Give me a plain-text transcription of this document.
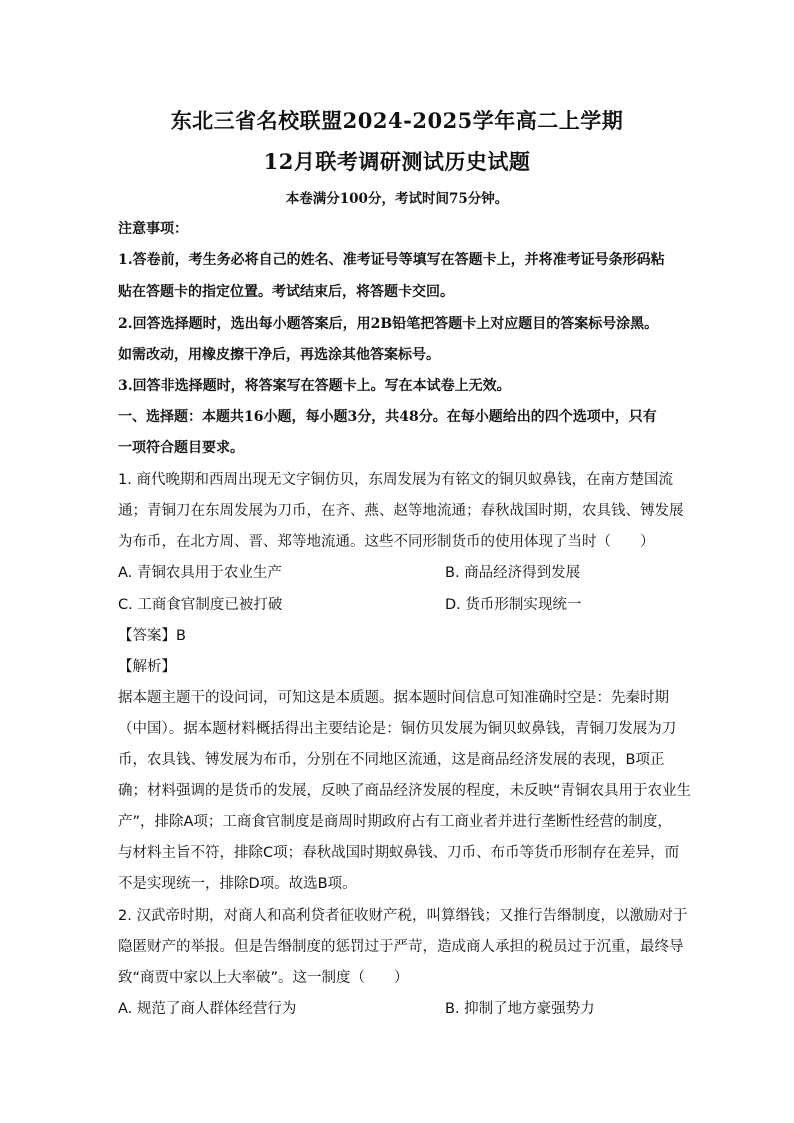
东北三省名校联盟2024-2025学年高二上学期
12月联考调研测试历史试题
本卷满分100分，考试时间75分钟。
注意事项：
1.答卷前，考生务必将自己的姓名、准考证号等填写在答题卡上，并将准考证号条形码粘
贴在答题卡的指定位置。考试结束后，将答题卡交回。
2.回答选择题时，选出每小题答案后，用2B铅笔把答题卡上对应题目的答案标号涂黑。
如需改动，用橡皮擦干净后，再选涂其他答案标号。
3.回答非选择题时，将答案写在答题卡上。写在本试卷上无效。
一、选择题：本题共16小题，每小题3分，共48分。在每小题给出的四个选项中，只有
一项符合题目要求。
1. 商代晚期和西周出现无文字铜仿贝，东周发展为有铭文的铜贝蚁鼻钱，在南方楚国流
通；青铜刀在东周发展为刀币，在齐、燕、赵等地流通；春秋战国时期，农具钱、镈发展
为布币，在北方周、晋、郑等地流通。这些不同形制货币的使用体现了当时（　　）
A. 青铜农具用于农业生产	B. 商品经济得到发展
C. 工商食官制度已被打破	D. 货币形制实现统一
【答案】B
【解析】
据本题主题干的设问词，可知这是本质题。据本题时间信息可知准确时空是：先秦时期
（中国）。据本题材料概括得出主要结论是：铜仿贝发展为铜贝蚁鼻钱，青铜刀发展为刀
币，农具钱、镈发展为布币，分别在不同地区流通，这是商品经济发展的表现，B项正
确；材料强调的是货币的发展，反映了商品经济发展的程度，未反映“青铜农具用于农业生
产”，排除A项；工商食官制度是商周时期政府占有工商业者并进行垄断性经营的制度，
与材料主旨不符，排除C项；春秋战国时期蚁鼻钱、刀币、布币等货币形制存在差异，而
不是实现统一，排除D项。故选B项。
2. 汉武帝时期，对商人和高利贷者征收财产税，叫算缗钱；又推行告缗制度，以激励对于
隐匿财产的举报。但是告缗制度的惩罚过于严苛，造成商人承担的税员过于沉重，最终导
致“商贾中家以上大率破”。这一制度（　　）
A. 规范了商人群体经营行为	B. 抑制了地方豪强势力
